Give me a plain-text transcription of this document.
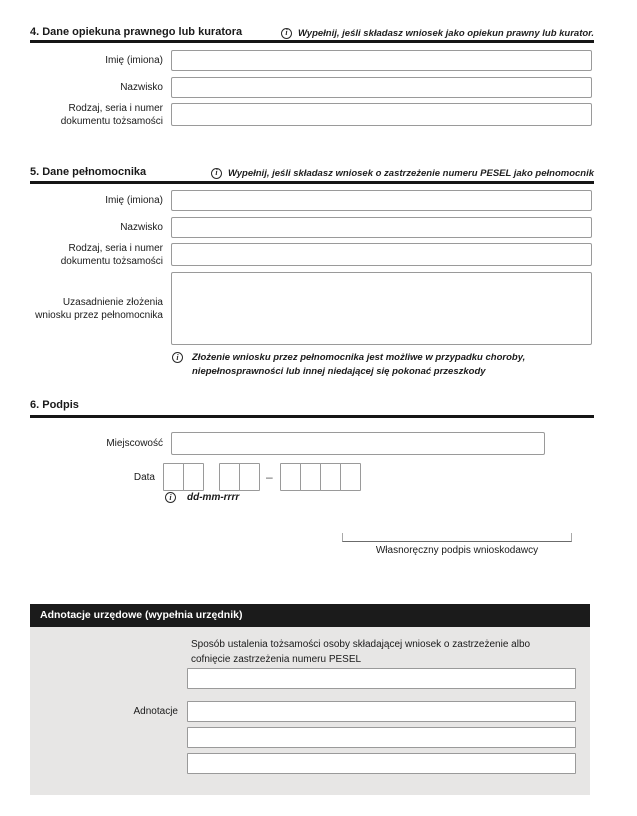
4. Dane opiekuna prawnego lub kuratora	i	Wypełnij, jeśli składasz wniosek jako opiekun prawny lub kurator.
Imię (imiona)
Nazwisko
Rodzaj, seria i numer dokumentu tożsamości
5. Dane pełnomocnika	i	Wypełnij, jeśli składasz wniosek o zastrzeżenie numeru PESEL jako pełnomocnik
Imię (imiona)
Nazwisko
Rodzaj, seria i numer dokumentu tożsamości
Uzasadnienie złożenia wniosku przez pełnomocnika
i	Złożenie wniosku przez pełnomocnika jest możliwe w przypadku choroby,
niepełnosprawności lub innej niedającej się pokonać przeszkody
6. Podpis
Miejscowość
Data	–
i	dd-mm-rrrr
Własnoręczny podpis wnioskodawcy
Adnotacje urzędowe (wypełnia urzędnik)
Sposób ustalenia tożsamości osoby składającej wniosek o zastrzeżenie albo
cofnięcie zastrzeżenia numeru PESEL
Adnotacje
